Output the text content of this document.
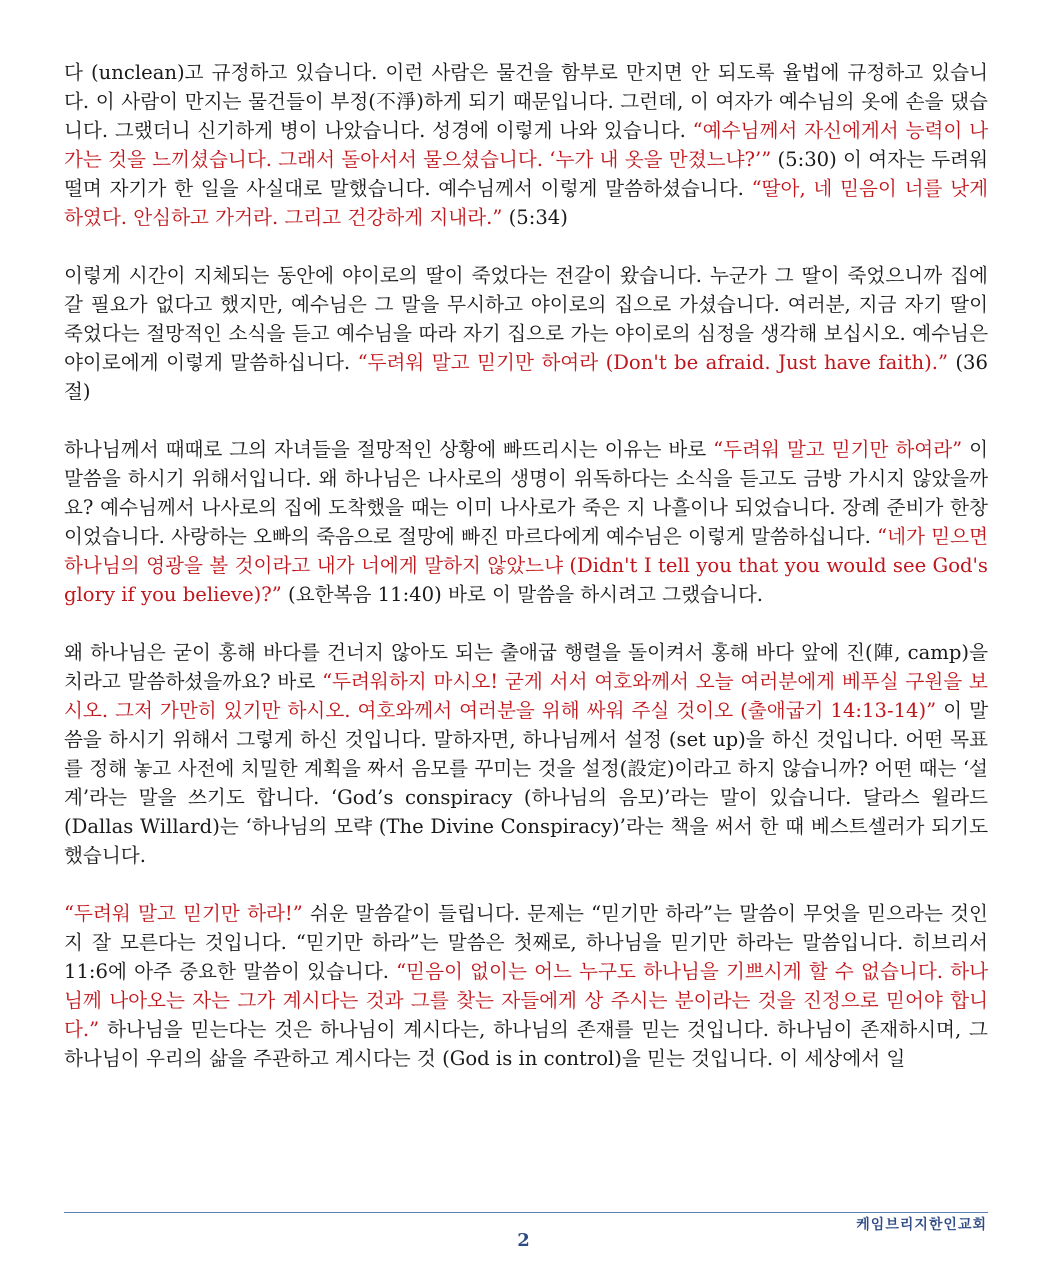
다 (unclean)고 규정하고 있습니다. 이런 사람은 물건을 함부로 만지면 안 되도록 율법에 규정하고 있습니다. 이 사람이 만지는 물건들이 부정(不淨)하게 되기 때문입니다. 그런데, 이 여자가 예수님의 옷에 손을 댔습니다. 그랬더니 신기하게 병이 나았습니다. 성경에 이렇게 나와 있습니다. “예수님께서 자신에게서 능력이 나가는 것을 느끼셨습니다. 그래서 돌아서서 물으셨습니다. ‘누가 내 옷을 만졌느냐?’” (5:30) 이 여자는 두려워 떨며 자기가 한 일을 사실대로 말했습니다. 예수님께서 이렇게 말씀하셨습니다. “딸아, 네 믿음이 너를 낫게 하였다. 안심하고 가거라. 그리고 건강하게 지내라.” (5:34)

이렇게 시간이 지체되는 동안에 야이로의 딸이 죽었다는 전갈이 왔습니다. 누군가 그 딸이 죽었으니까 집에 갈 필요가 없다고 했지만, 예수님은 그 말을 무시하고 야이로의 집으로 가셨습니다. 여러분, 지금 자기 딸이 죽었다는 절망적인 소식을 듣고 예수님을 따라 자기 집으로 가는 야이로의 심정을 생각해 보십시오. 예수님은 야이로에게 이렇게 말씀하십니다. “두려워 말고 믿기만 하여라 (Don't be afraid. Just have faith).” (36절)

하나님께서 때때로 그의 자녀들을 절망적인 상황에 빠뜨리시는 이유는 바로 “두려워 말고 믿기만 하여라” 이 말씀을 하시기 위해서입니다. 왜 하나님은 나사로의 생명이 위독하다는 소식을 듣고도 금방 가시지 않았을까요? 예수님께서 나사로의 집에 도착했을 때는 이미 나사로가 죽은 지 나흘이나 되었습니다. 장례 준비가 한창이었습니다. 사랑하는 오빠의 죽음으로 절망에 빠진 마르다에게 예수님은 이렇게 말씀하십니다. “네가 믿으면 하나님의 영광을 볼 것이라고 내가 너에게 말하지 않았느냐 (Didn't I tell you that you would see God's glory if you believe)?” (요한복음 11:40) 바로 이 말씀을 하시려고 그랬습니다.

왜 하나님은 굳이 홍해 바다를 건너지 않아도 되는 출애굽 행렬을 돌이켜서 홍해 바다 앞에 진(陣, camp)을 치라고 말씀하셨을까요? 바로 “두려워하지 마시오! 굳게 서서 여호와께서 오늘 여러분에게 베푸실 구원을 보시오. 그저 가만히 있기만 하시오. 여호와께서 여러분을 위해 싸워 주실 것이오 (출애굽기 14:13-14)” 이 말씀을 하시기 위해서 그렇게 하신 것입니다. 말하자면, 하나님께서 설정 (set up)을 하신 것입니다. 어떤 목표를 정해 놓고 사전에 치밀한 계획을 짜서 음모를 꾸미는 것을 설정(設定)이라고 하지 않습니까? 어떤 때는 ‘설계’라는 말을 쓰기도 합니다. ‘God’s conspiracy (하나님의 음모)’라는 말이 있습니다. 달라스 윌라드 (Dallas Willard)는 ‘하나님의 모략 (The Divine Conspiracy)’라는 책을 써서 한 때 베스트셀러가 되기도 했습니다.

“두려워 말고 믿기만 하라!” 쉬운 말씀같이 들립니다. 문제는 “믿기만 하라”는 말씀이 무엇을 믿으라는 것인지 잘 모른다는 것입니다. “믿기만 하라”는 말씀은 첫째로, 하나님을 믿기만 하라는 말씀입니다. 히브리서 11:6에 아주 중요한 말씀이 있습니다. “믿음이 없이는 어느 누구도 하나님을 기쁘시게 할 수 없습니다. 하나님께 나아오는 자는 그가 계시다는 것과 그를 찾는 자들에게 상 주시는 분이라는 것을 진정으로 믿어야 합니다.” 하나님을 믿는다는 것은 하나님이 계시다는, 하나님의 존재를 믿는 것입니다. 하나님이 존재하시며, 그 하나님이 우리의 삶을 주관하고 계시다는 것 (God is in control)을 믿는 것입니다. 이 세상에서 일

케임브리지한인교회
2
